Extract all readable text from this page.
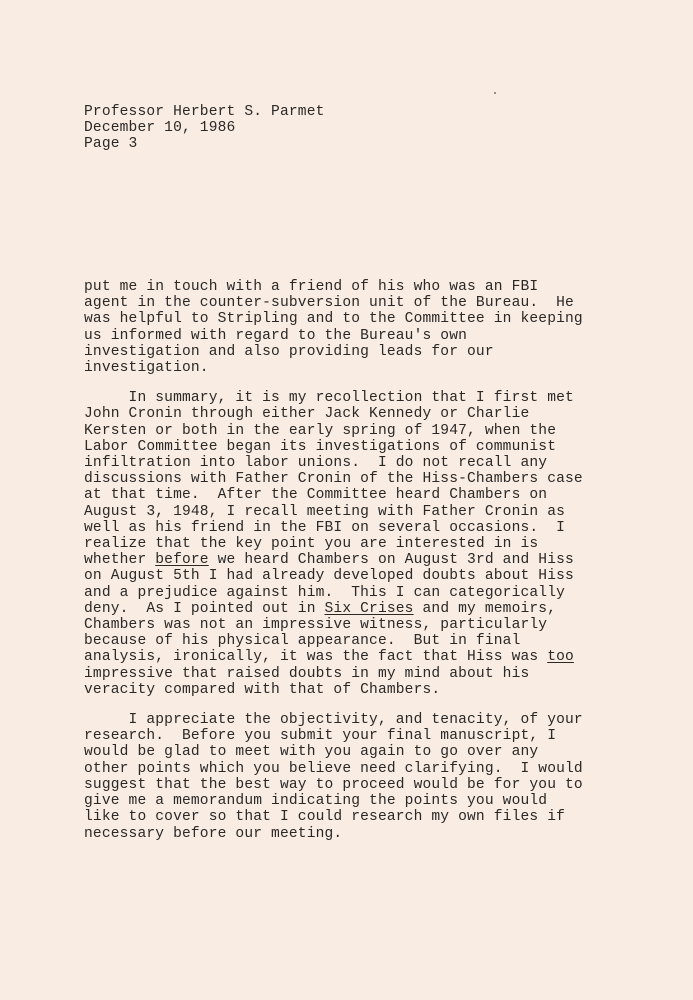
Professor Herbert S. Parmet
December 10, 1986
Page 3
put me in touch with a friend of his who was an FBI
agent in the counter-subversion unit of the Bureau.  He
was helpful to Stripling and to the Committee in keeping
us informed with regard to the Bureau's own
investigation and also providing leads for our
investigation.
In summary, it is my recollection that I first met
John Cronin through either Jack Kennedy or Charlie
Kersten or both in the early spring of 1947, when the
Labor Committee began its investigations of communist
infiltration into labor unions.  I do not recall any
discussions with Father Cronin of the Hiss-Chambers case
at that time.  After the Committee heard Chambers on
August 3, 1948, I recall meeting with Father Cronin as
well as his friend in the FBI on several occasions.  I
realize that the key point you are interested in is
whether before we heard Chambers on August 3rd and Hiss
on August 5th I had already developed doubts about Hiss
and a prejudice against him.  This I can categorically
deny.  As I pointed out in Six Crises and my memoirs,
Chambers was not an impressive witness, particularly
because of his physical appearance.  But in final
analysis, ironically, it was the fact that Hiss was too
impressive that raised doubts in my mind about his
veracity compared with that of Chambers.
I appreciate the objectivity, and tenacity, of your
research.  Before you submit your final manuscript, I
would be glad to meet with you again to go over any
other points which you believe need clarifying.  I would
suggest that the best way to proceed would be for you to
give me a memorandum indicating the points you would
like to cover so that I could research my own files if
necessary before our meeting.
